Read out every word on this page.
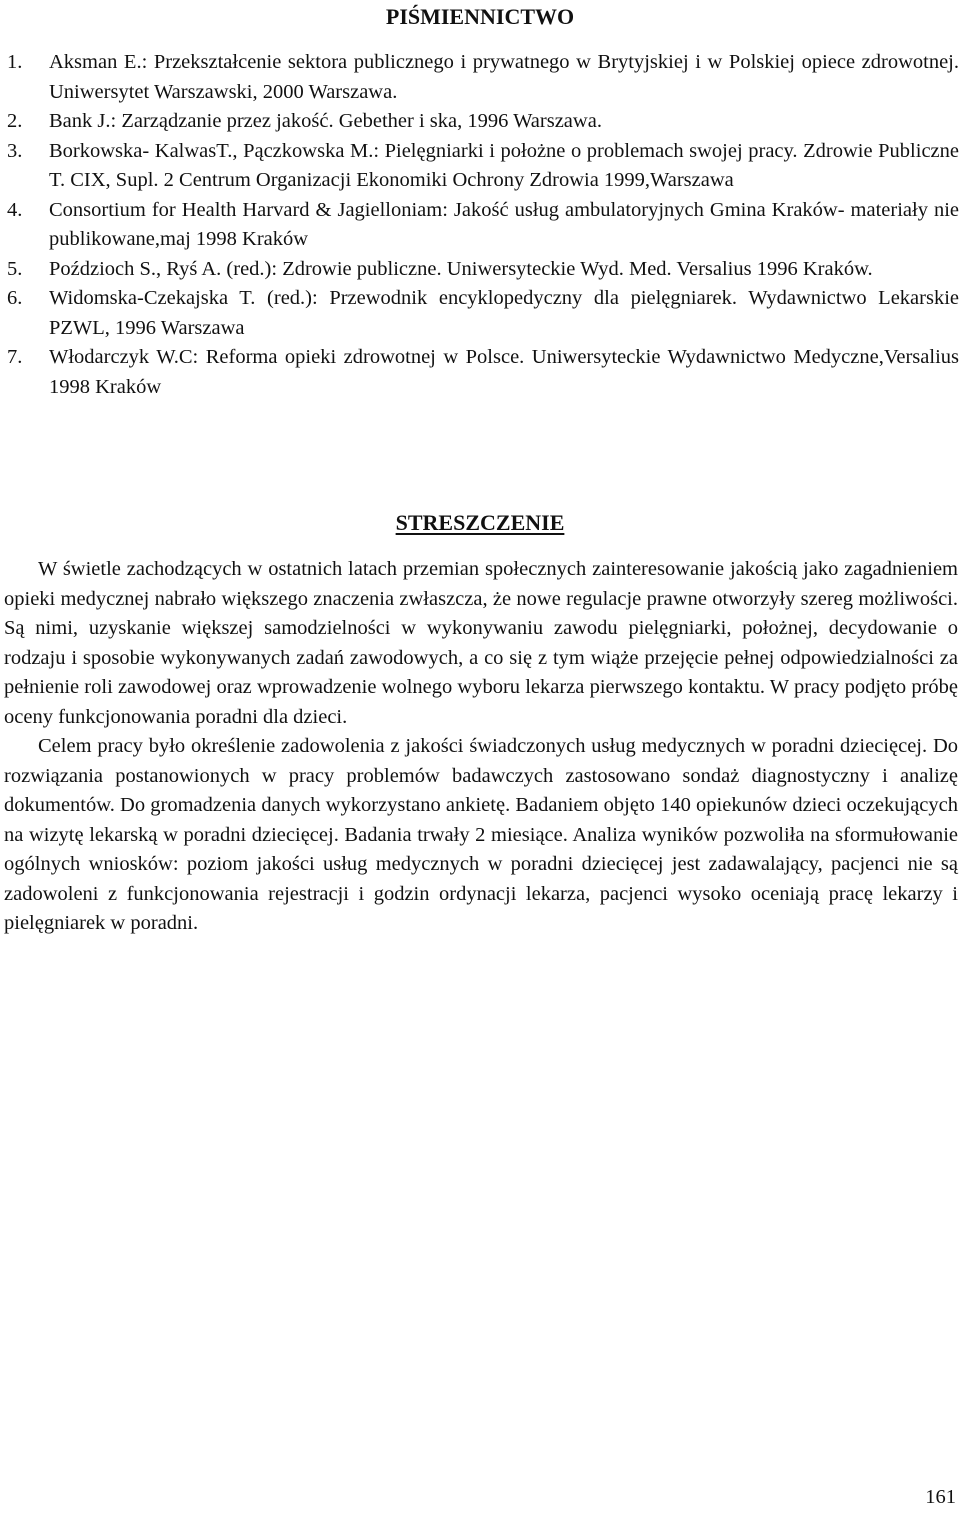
PIŚMIENNICTWO
1. Aksman E.: Przekształcenie sektora publicznego i prywatnego w Brytyjskiej i w Polskiej opiece zdrowotnej. Uniwersytet Warszawski, 2000 Warszawa.
2. Bank J.: Zarządzanie przez jakość. Gebether i ska, 1996 Warszawa.
3. Borkowska- KalwasT., Pączkowska M.: Pielęgniarki i położne o problemach swojej pracy. Zdrowie Publiczne T. CIX, Supl. 2 Centrum Organizacji Ekonomiki Ochrony Zdrowia 1999,Warszawa
4. Consortium for Health Harvard & Jagielloniam: Jakość usług ambulatoryjnych Gmina Kraków- materiały nie publikowane,maj 1998 Kraków
5. Poździoch S., Ryś A. (red.): Zdrowie publiczne. Uniwersyteckie Wyd. Med. Versalius 1996 Kraków.
6. Widomska-Czekajska T. (red.): Przewodnik encyklopedyczny dla pielęgniarek. Wydawnictwo Lekarskie PZWL, 1996 Warszawa
7. Włodarczyk W.C: Reforma opieki zdrowotnej w Polsce. Uniwersyteckie Wydawnictwo Medyczne,Versalius 1998 Kraków
STRESZCZENIE

W świetle zachodzących w ostatnich latach przemian społecznych zainteresowanie jakością jako zagadnieniem opieki medycznej nabrało większego znaczenia zwłaszcza, że nowe regulacje prawne otworzyły szereg możliwości. Są nimi, uzyskanie większej samodzielności w wykonywaniu zawodu pielęgniarki, położnej, decydowanie o rodzaju i sposobie wykonywanych zadań zawodowych, a co się z tym wiąże przejęcie pełnej odpowiedzialności za pełnienie roli zawodowej oraz wprowadzenie wolnego wyboru lekarza pierwszego kontaktu. W pracy podjęto próbę oceny funkcjonowania poradni dla dzieci.

Celem pracy było określenie zadowolenia z jakości świadczonych usług medycznych w poradni dziecięcej. Do rozwiązania postanowionych w pracy problemów badawczych zastosowano sondaż diagnostyczny i analizę dokumentów. Do gromadzenia danych wykorzystano ankietę. Badaniem objęto 140 opiekunów dzieci oczekujących na wizytę lekarską w poradni dziecięcej. Badania trwały 2 miesiące. Analiza wyników pozwoliła na sformułowanie ogólnych wniosków: poziom jakości usług medycznych w poradni dziecięcej jest zadawalający, pacjenci nie są zadowoleni z funkcjonowania rejestracji i godzin ordynacji lekarza, pacjenci wysoko oceniają pracę lekarzy i pielęgniarek w poradni.

161
